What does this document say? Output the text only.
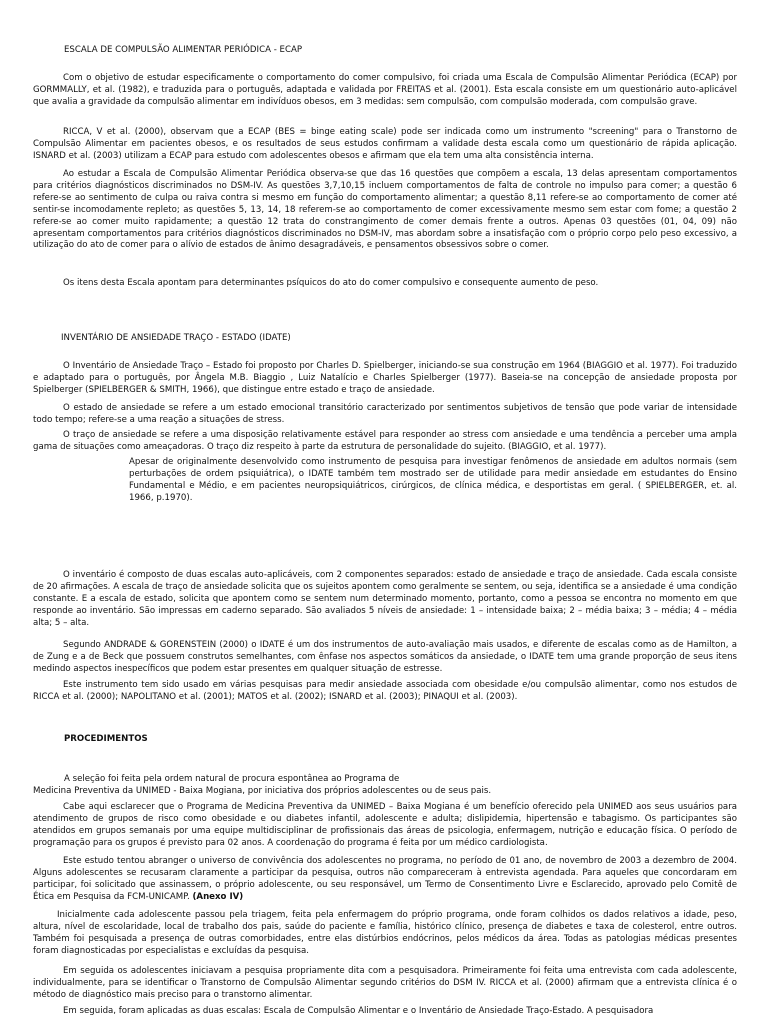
ESCALA DE COMPULSÃO ALIMENTAR PERIÓDICA - ECAP

Com o objetivo de estudar especificamente o comportamento do comer compulsivo, foi criada uma Escala de Compulsão Alimentar Periódica (ECAP) por GORMMALLY, et al. (1982), e traduzida para o português, adaptada e validada por FREITAS et al. (2001). Esta escala consiste em um questionário auto-aplicável que avalia a gravidade da compulsão alimentar em indivíduos obesos, em 3 medidas: sem compulsão, com compulsão moderada, com compulsão grave.

RICCA, V et al. (2000), observam que a ECAP (BES = binge eating scale) pode ser indicada como um instrumento "screening" para o Transtorno de Compulsão Alimentar em pacientes obesos, e os resultados de seus estudos confirmam a validade desta escala como um questionário de rápida aplicação. ISNARD et al. (2003) utilizam a ECAP para estudo com adolescentes obesos e afirmam que ela tem uma alta consistência interna.

Ao estudar a Escala de Compulsão Alimentar Periódica observa-se que das 16 questões que compõem a escala, 13 delas apresentam comportamentos para critérios diagnósticos discriminados no DSM-IV. As questões 3,7,10,15 incluem comportamentos de falta de controle no impulso para comer; a questão 6 refere-se ao sentimento de culpa ou raiva contra si mesmo em função do comportamento alimentar; a questão 8,11 refere-se ao comportamento de comer até sentir-se incomodamente repleto; as questões 5, 13, 14, 18 referem-se ao comportamento de comer excessivamente mesmo sem estar com fome; a questão 2 refere-se ao comer muito rapidamente; a questão 12 trata do constrangimento de comer demais frente a outros. Apenas 03 questões (01, 04, 09) não apresentam comportamentos para critérios diagnósticos discriminados no DSM-IV, mas abordam sobre a insatisfação com o próprio corpo pelo peso excessivo, a utilização do ato de comer para o alívio de estados de ânimo desagradáveis, e pensamentos obsessivos sobre o comer.

Os itens desta Escala apontam para determinantes psíquicos do ato do comer compulsivo e consequente aumento de peso.

INVENTÁRIO DE ANSIEDADE TRAÇO - ESTADO (IDATE)

O Inventário de Ansiedade Traço – Estado foi proposto por Charles D. Spielberger, iniciando-se sua construção em 1964 (BIAGGIO et al. 1977). Foi traduzido e adaptado para o português, por Ângela M.B. Biaggio , Luiz Natalício e Charles Spielberger (1977). Baseia-se na concepção de ansiedade proposta por Spielberger (SPIELBERGER & SMITH, 1966), que distingue entre estado e traço de ansiedade.

O estado de ansiedade se refere a um estado emocional transitório caracterizado por sentimentos subjetivos de tensão que pode variar de intensidade todo tempo; refere-se a uma reação a situações de stress.

O traço de ansiedade se refere a uma disposição relativamente estável para responder ao stress com ansiedade e uma tendência a perceber uma ampla gama de situações como ameaçadoras. O traço diz respeito à parte da estrutura de personalidade do sujeito. (BIAGGIO, et al. 1977).

Apesar de originalmente desenvolvido como instrumento de pesquisa para investigar fenômenos de ansiedade em adultos normais (sem perturbações de ordem psiquiátrica), o IDATE também tem mostrado ser de utilidade para medir ansiedade em estudantes do Ensino Fundamental e Médio, e em pacientes neuropsiquiátricos, cirúrgicos, de clínica médica, e desportistas em geral. ( SPIELBERGER, et. al. 1966, p.1970).

O inventário é composto de duas escalas auto-aplicáveis, com 2 componentes separados: estado de ansiedade e traço de ansiedade. Cada escala consiste de 20 afirmações. A escala de traço de ansiedade solicita que os sujeitos apontem como geralmente se sentem, ou seja, identifica se a ansiedade é uma condição constante. E a escala de estado, solicita que apontem como se sentem num determinado momento, portanto, como a pessoa se encontra no momento em que responde ao inventário. São impressas em caderno separado. São avaliados 5 níveis de ansiedade: 1 – intensidade baixa; 2 – média baixa; 3 – média; 4 – média alta; 5 – alta.

Segundo ANDRADE & GORENSTEIN (2000) o IDATE é um dos instrumentos de auto-avaliação mais usados, e diferente de escalas como as de Hamilton, a de Zung e a de Beck que possuem construtos semelhantes, com ênfase nos aspectos somáticos da ansiedade, o IDATE tem uma grande proporção de seus itens medindo aspectos inespecíficos que podem estar presentes em qualquer situação de estresse.

Este instrumento tem sido usado em várias pesquisas para medir ansiedade associada com obesidade e/ou compulsão alimentar, como nos estudos de RICCA et al. (2000); NAPOLITANO et al. (2001); MATOS et al. (2002); ISNARD et al. (2003); PINAQUI et al. (2003).

PROCEDIMENTOS
A seleção foi feita pela ordem natural de procura espontânea ao Programa de
Medicina Preventiva da UNIMED - Baixa Mogiana, por iniciativa dos próprios adolescentes ou de seus pais.

Cabe aqui esclarecer que o Programa de Medicina Preventiva da UNIMED – Baixa Mogiana é um benefício oferecido pela UNIMED aos seus usuários para atendimento de grupos de risco como obesidade e ou diabetes infantil, adolescente e adulta; dislipidemia, hipertensão e tabagismo. Os participantes são atendidos em grupos semanais por uma equipe multidisciplinar de profissionais das áreas de psicologia, enfermagem, nutrição e educação física. O período de programação para os grupos é previsto para 02 anos. A coordenação do programa é feita por um médico cardiologista.

Este estudo tentou abranger o universo de convivência dos adolescentes no programa, no período de 01 ano, de novembro de 2003 a dezembro de 2004. Alguns adolescentes se recusaram claramente a participar da pesquisa, outros não compareceram à entrevista agendada. Para aqueles que concordaram em participar, foi solicitado que assinassem, o próprio adolescente, ou seu responsável, um Termo de Consentimento Livre e Esclarecido, aprovado pelo Comitê de Ética em Pesquisa da FCM-UNICAMP. (Anexo IV)

Inicialmente cada adolescente passou pela triagem, feita pela enfermagem do próprio programa, onde foram colhidos os dados relativos a idade, peso, altura, nível de escolaridade, local de trabalho dos pais, saúde do paciente e família, histórico clínico, presença de diabetes e taxa de colesterol, entre outros. Também foi pesquisada a presença de outras comorbidades, entre elas distúrbios endócrinos, pelos médicos da área. Todas as patologias médicas presentes foram diagnosticadas por especialistas e excluídas da pesquisa.

Em seguida os adolescentes iniciavam a pesquisa propriamente dita com a pesquisadora. Primeiramente foi feita uma entrevista com cada adolescente, individualmente, para se identificar o Transtorno de Compulsão Alimentar segundo critérios do DSM IV. RICCA et al. (2000) afirmam que a entrevista clínica é o método de diagnóstico mais preciso para o transtorno alimentar.

Em seguida, foram aplicadas as duas escalas: Escala de Compulsão Alimentar e o Inventário de Ansiedade Traço-Estado. A pesquisadora
